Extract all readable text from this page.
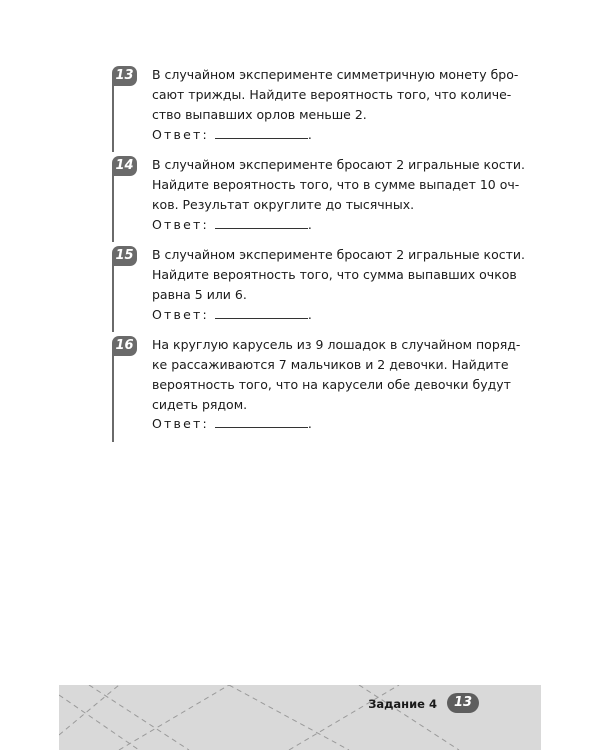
13 В случайном эксперименте симметричную монету бро-
сают трижды. Найдите вероятность того, что количе-
ство выпавших орлов меньше 2.

Ответ:	.
14 В случайном эксперименте бросают 2 игральные кости.
Найдите вероятность того, что в сумме выпадет 10 оч-
ков. Результат округлите до тысячных.

Ответ:	.
15 В случайном эксперименте бросают 2 игральные кости.
Найдите вероятность того, что сумма выпавших очков
равна 5 или 6.

Ответ:	.
16 На круглую карусель из 9 лошадок в случайном поряд-
ке рассаживаются 7 мальчиков и 2 девочки. Найдите
вероятность того, что на карусели обе девочки будут
сидеть рядом.

Ответ:	.
Задание 4	13
